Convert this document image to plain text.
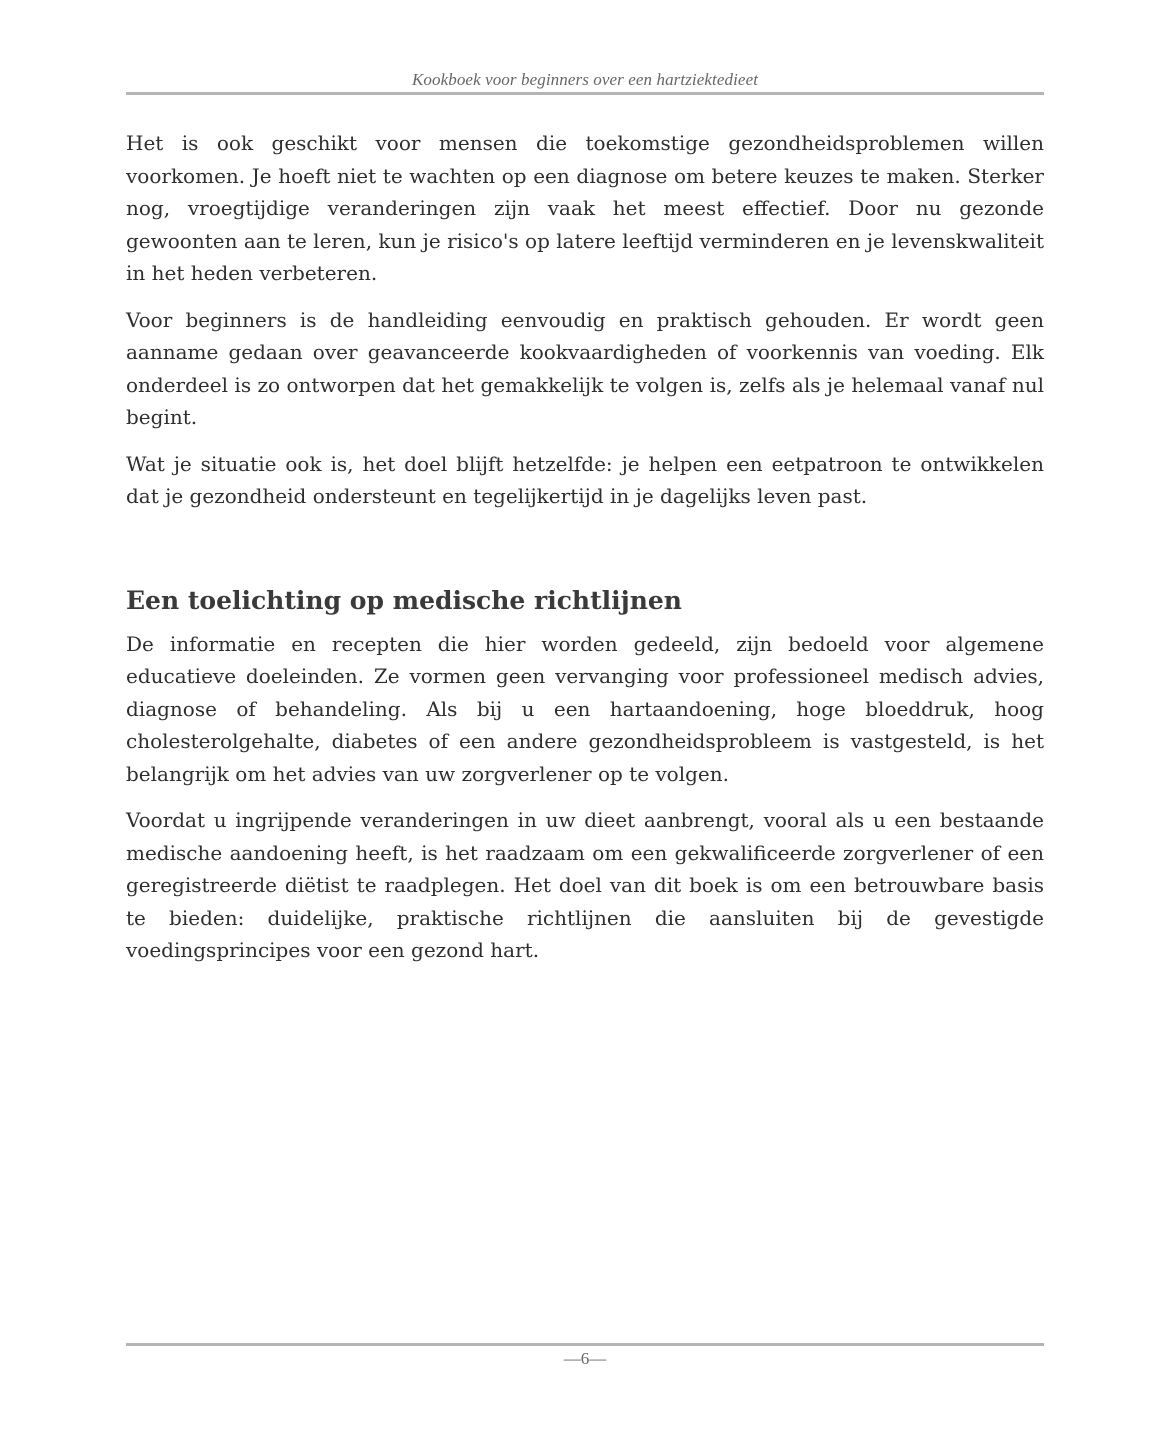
Kookboek voor beginners over een hartziektedieet

Het is ook geschikt voor mensen die toekomstige gezondheidsproblemen willen voorkomen. Je hoeft niet te wachten op een diagnose om betere keuzes te maken. Sterker nog, vroegtijdige veranderingen zijn vaak het meest effectief. Door nu gezonde gewoonten aan te leren, kun je risico's op latere leeftijd verminderen en je levenskwaliteit in het heden verbeteren.

Voor beginners is de handleiding eenvoudig en praktisch gehouden. Er wordt geen aanname gedaan over geavanceerde kookvaardigheden of voorkennis van voeding. Elk onderdeel is zo ontworpen dat het gemakkelijk te volgen is, zelfs als je helemaal vanaf nul begint.

Wat je situatie ook is, het doel blijft hetzelfde: je helpen een eetpatroon te ontwikkelen dat je gezondheid ondersteunt en tegelijkertijd in je dagelijks leven past.

Een toelichting op medische richtlijnen

De informatie en recepten die hier worden gedeeld, zijn bedoeld voor algemene educatieve doeleinden. Ze vormen geen vervanging voor professioneel medisch advies, diagnose of behandeling. Als bij u een hartaandoening, hoge bloeddruk, hoog cholesterolgehalte, diabetes of een andere gezondheidsprobleem is vastgesteld, is het belangrijk om het advies van uw zorgverlener op te volgen.

Voordat u ingrijpende veranderingen in uw dieet aanbrengt, vooral als u een bestaande medische aandoening heeft, is het raadzaam om een gekwalificeerde zorgverlener of een geregistreerde diëtist te raadplegen. Het doel van dit boek is om een betrouwbare basis te bieden: duidelijke, praktische richtlijnen die aansluiten bij de gevestigde voedingsprincipes voor een gezond hart.

—6—
